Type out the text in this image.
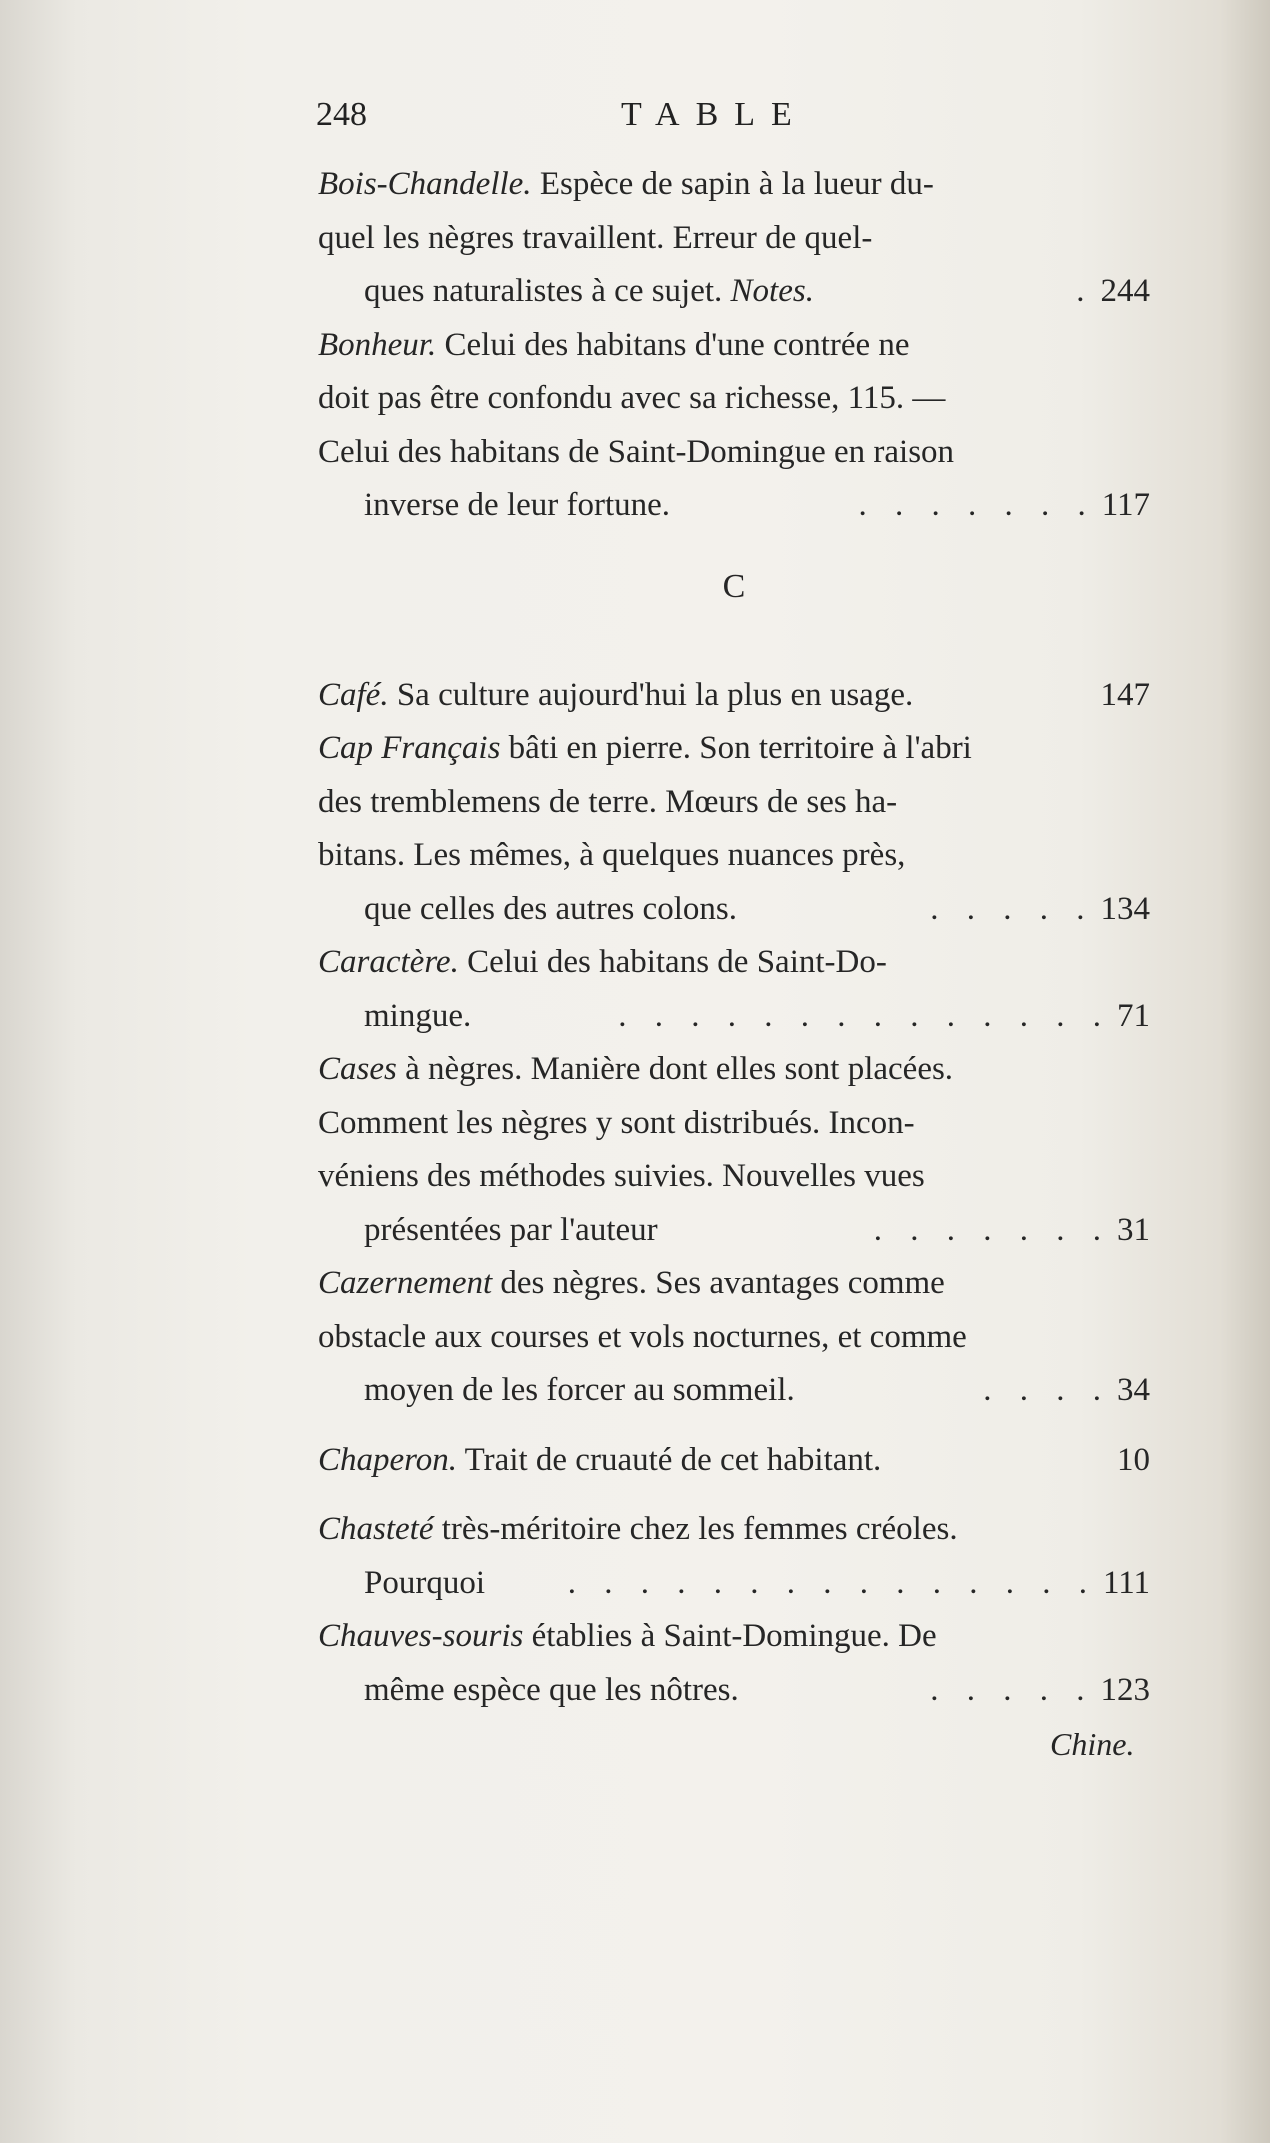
248	TABLE
Bois-Chandelle. Espèce de sapin à la lueur du-
quel les nègres travaillent. Erreur de quel-
ques naturalistes à ce sujet. Notes.	. 244
Bonheur. Celui des habitans d'une contrée ne
doit pas être confondu avec sa richesse, 115. —
Celui des habitans de Saint-Domingue en raison
inverse de leur fortune.	. . . . . . . 117
C
Café. Sa culture aujourd'hui la plus en usage.	147
Cap Français bâti en pierre. Son territoire à l'abri
des tremblemens de terre. Mœurs de ses ha-
bitans. Les mêmes, à quelques nuances près,
que celles des autres colons.	. . . . . 134
Caractère. Celui des habitans de Saint-Do-
mingue.	. . . . . . . . . . . . . . 71
Cases à nègres. Manière dont elles sont placées.
Comment les nègres y sont distribués. Incon-
véniens des méthodes suivies. Nouvelles vues
présentées par l'auteur	. . . . . . . 31
Cazernement des nègres. Ses avantages comme
obstacle aux courses et vols nocturnes, et comme
moyen de les forcer au sommeil.	. . . . 34
Chaperon. Trait de cruauté de cet habitant.	10
Chasteté très-méritoire chez les femmes créoles.
Pourquoi	. . . . . . . . . . . . . . . 111
Chauves-souris établies à Saint-Domingue. De
même espèce que les nôtres.	. . . . . 123
Chine.
